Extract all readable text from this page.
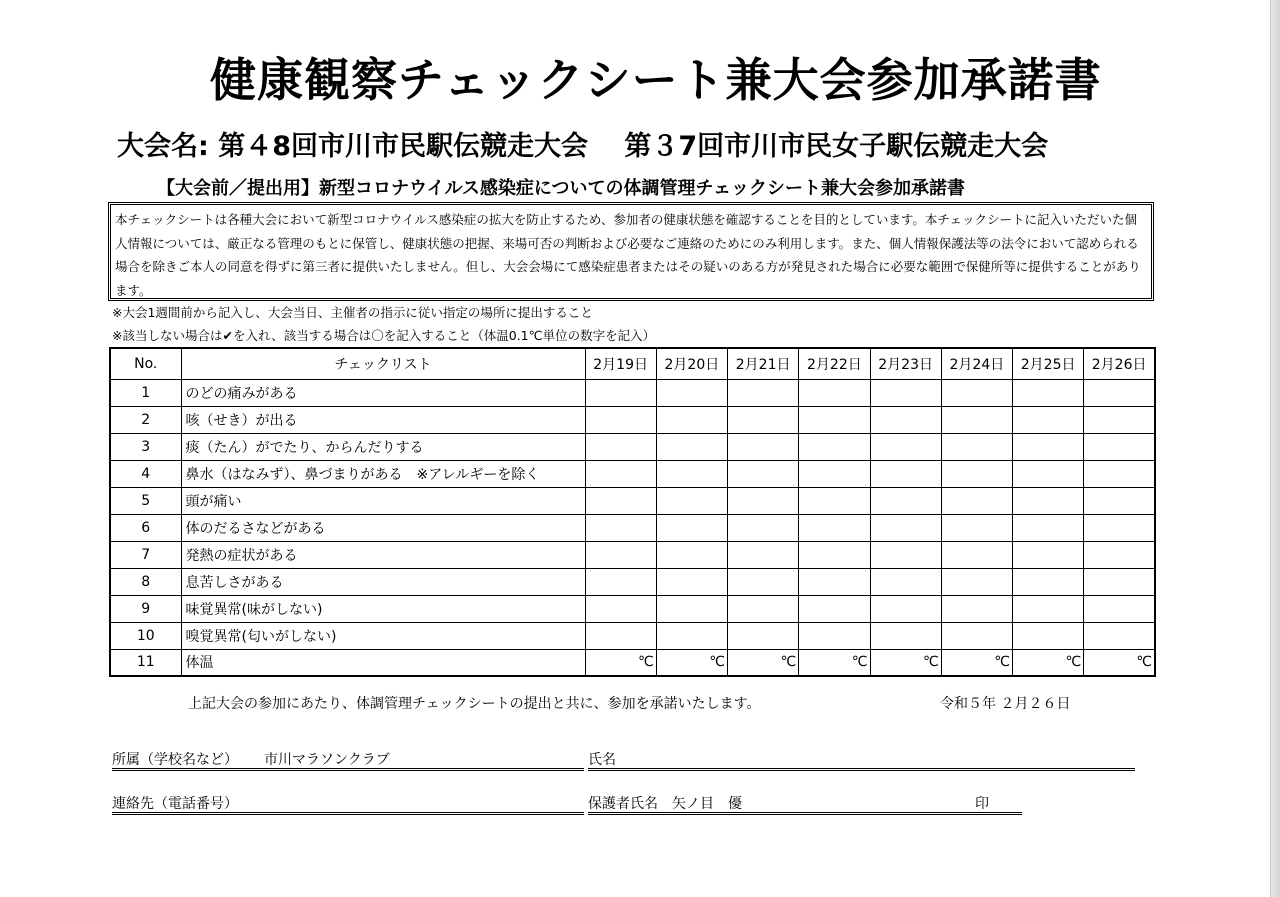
健康観察チェックシート兼大会参加承諾書
大会名: 第４8回市川市民駅伝競走大会　 第３7回市川市民女子駅伝競走大会
【大会前／提出用】新型コロナウイルス感染症についての体調管理チェックシート兼大会参加承諾書
本チェックシートは各種大会において新型コロナウイルス感染症の拡大を防止するため、参加者の健康状態を確認することを目的としています。本チェックシートに記入いただいた個人情報については、厳正なる管理のもとに保管し、健康状態の把握、来場可否の判断および必要なご連絡のためにのみ利用します。また、個人情報保護法等の法令において認められる場合を除きご本人の同意を得ずに第三者に提供いたしません。但し、大会会場にて感染症患者またはその疑いのある方が発見された場合に必要な範囲で保健所等に提供することがあります。
※大会1週間前から記入し、大会当日、主催者の指示に従い指定の場所に提出すること
※該当しない場合は✔を入れ、該当する場合は〇を記入すること（体温0.1℃単位の数字を記入）
No.	チェックリスト	2月19日	2月20日	2月21日	2月22日	2月23日	2月24日	2月25日	2月26日
1	のどの痛みがある								
2	咳（せき）が出る								
3	痰（たん）がでたり、からんだりする								
4	鼻水（はなみず）、鼻づまりがある　※アレルギーを除く								
5	頭が痛い								
6	体のだるさなどがある								
7	発熱の症状がある								
8	息苦しさがある								
9	味覚異常(味がしない)								
10	嗅覚異常(匂いがしない)								
11	体温	℃	℃	℃	℃	℃	℃	℃	℃
上記大会の参加にあたり、体調管理チェックシートの提出と共に、参加を承諾いたします。	令和５年 ２月２６日
所属（学校名など） 市川マラソンクラブ	氏名
連絡先（電話番号）	保護者氏名 矢ノ目　優	印
